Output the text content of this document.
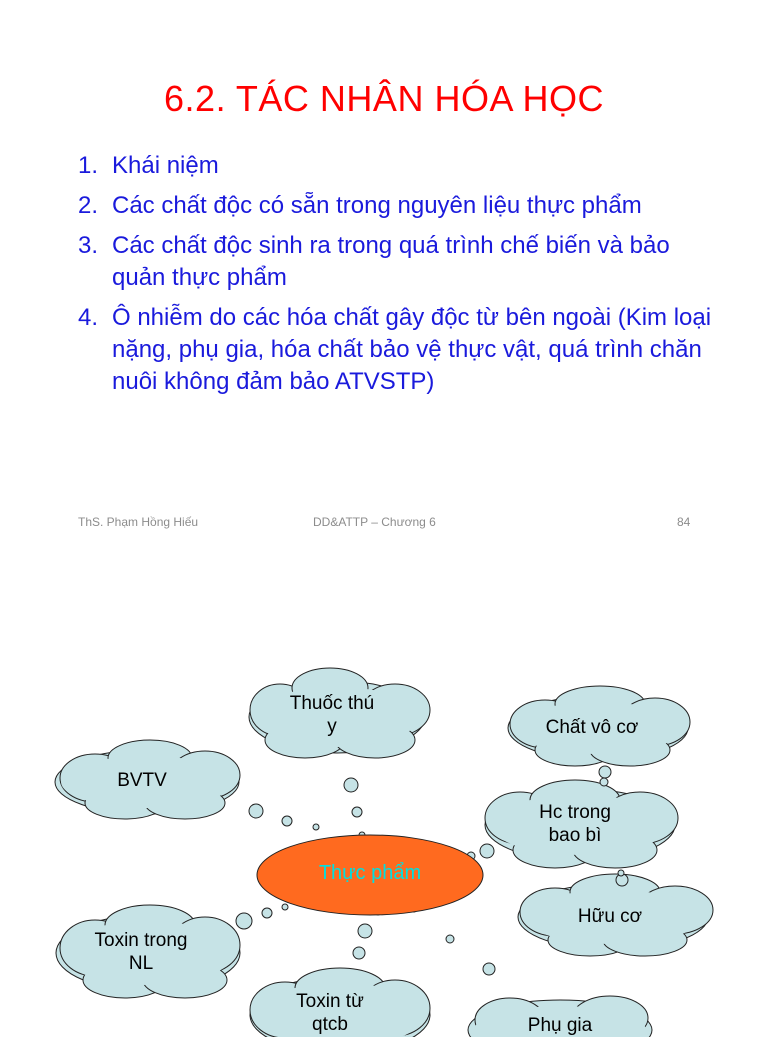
6.2. TÁC NHÂN HÓA HỌC
1. Khái niệm
2. Các chất độc có sẵn trong nguyên liệu thực phẩm
3. Các chất độc sinh ra trong quá trình chế biến và bảo quản thực phẩm
4. Ô nhiễm do các hóa chất gây độc từ bên ngoài (Kim loại nặng, phụ gia, hóa chất bảo vệ thực vật, quá trình chăn nuôi không đảm bảo ATVSTP)
ThS. Phạm Hồng Hiếu	DD&ATTP – Chương 6	84
Thực phẩm
Thuốc thú
y
BVTV
Chất vô cơ
Hc trong
bao bì
Hữu cơ
Toxin trong
NL
Toxin từ
qtcb	Phụ gia
